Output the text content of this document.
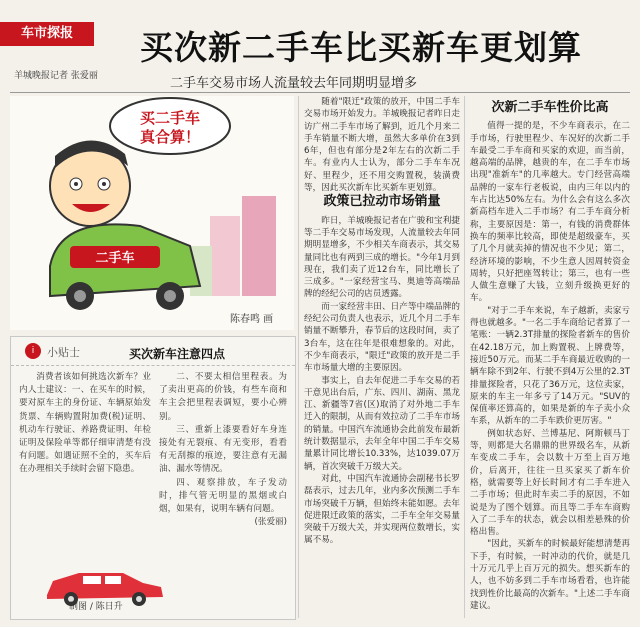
车市探报
羊城晚报记者 张爱丽
买次新二手车比买新车更划算
二手车交易市场人流量较去年同期明显增多
买二手车
真合算！
二手车
陈春鸣 画

随着"限迁"政策的放开，中国二手车交易市场开始发力。羊城晚报记者昨日走访广州二手车市场了解到，近几个月来二手车销量不断大增，虽然大多单价在3到6年，但也有部分是2年左右的次新二手车。有业内人士认为，部分二手车车况好、里程少，还不用交购置税，装潢费等，因此买次新车比买新车更划算。

政策已拉动市场销量

昨日，羊城晚报记者在广骏和宝利捷等二手车交易市场发现，人流量较去年同期明显增多，不少相关车商表示，其交易量同比也有两到三成的增长。"今年1月到现在，我们卖了近12台车，同比增长了三成多。"一家经营宝马、奥迪等高端品牌的经纪公司的店员透露。

而一家经营丰田、日产等中端品牌的经纪公司负责人也表示，近几个月二手车销量不断攀升，春节后的这段时间，卖了3台车，这在往年是很难想象的。对此，不少车商表示，"限迁"政策的放开是二手车市场量大增的主要原因。

事实上，自去年促进二手车交易的若干意见出台后，广东、四川、湖南、黑龙江、新疆等7省(区)取消了对外地二手车迁入的限制，从而有效拉动了二手车市场的销量。中国汽车流通协会此前发布最新统计数据显示，去年全年中国二手车交易量累计同比增长10.33%，达1039.07万辆，首次突破千万级大关。

对此，中国汽车流通协会副秘书长罗磊表示，过去几年，业内多次预测二手车市场突破千万辆，但始终未能如愿。去年促进限迁政策的落实，二手车全年交易量突破千万级大关，并实现两位数增长，实属不易。

次新二手车性价比高

值得一提的是，不少车商表示，在二手市场，行驶里程少、车况好的次新二手车最受二手车商和买家的欢迎，而当前，越高端的品牌，越贵的车，在二手车市场出现"准新车"的几率越大。专门经营高端品牌的一家车行老板说，由内三年以内的车占比达50%左右。为什么会有这么多次新高档车进入二手市场？有二手车商分析称，主要原因是：第一，有钱的消费群体换车的频率比较高，即使是超级豪车，买了几个月就卖掉的情况也不少见；第二，经济环境的影响，不少生意人因周转资金周转，只好把座驾转让；第三，也有一些人做生意赚了大钱，立刻升级换更好的车。

"对于二手车来说，车子越新，卖家亏得也就越多。"一名二手车商给记者算了一笔账：一辆2.3T排量的探险者新车的售价在42.18万元，加上购置税、上牌费等，接近50万元。而某二手车商最近收购的一辆车除不到2年、行驶不到4万公里的2.3T排量探险者，只花了36万元，这位卖家，原来的车主一年多亏了14万元。"SUV的保值率还算高的，如果是新的车子卖小众车系，从新车的二手车跌价更厉害。"

例如状态好、兰博基尼、阿斯顿马丁等，则都是大名鼎鼎的世界级名车，从新车变成二手车，会以数十万至上百万地价，后离开，往往一旦买家买了新车价格，就需要等上好长时间才有二手车进入二手市场；但此时车卖二手的原因，不如说是为了图个划算。而且等二手车车商购入了二手车的状态，就会以相差悬殊的价格出售。

"因此，买新车的时候最好能想清楚再下手，有时候，一时冲动的代价，就是几十万元几乎上百万元的损失。想买新车的人，也不妨多到二手车市场看看，也许能找到性价比最高的次新车。"上述二手车商建议。

i	小贴士	买次新车注意四点

消费者该如何挑选次新车？业内人士建议：一、在买车的时候，要对原车主的身份证、车辆原始发货票、车辆购置附加费(税)证明、机动车行驶证、养路费证明、年检证明及保险单等都仔细审清楚有没有问题。如遇证照不全的，买车后在办理相关手续时会留下隐患。

二、不要太相信里程表。为了卖出更高的价钱，有些车商和车主会把里程表调短，要小心辨别。

三、重新上漆要看好车身连接处有无裂痕、有无变形，看看有无刮擦的痕迹，要注意有无漏油、漏水等情况。

四、观察排放，车子发动时，排气管无明显的黑烟或白烟，如果有，说明车辆有问题。

(张爱丽)
制图 / 陈日升
